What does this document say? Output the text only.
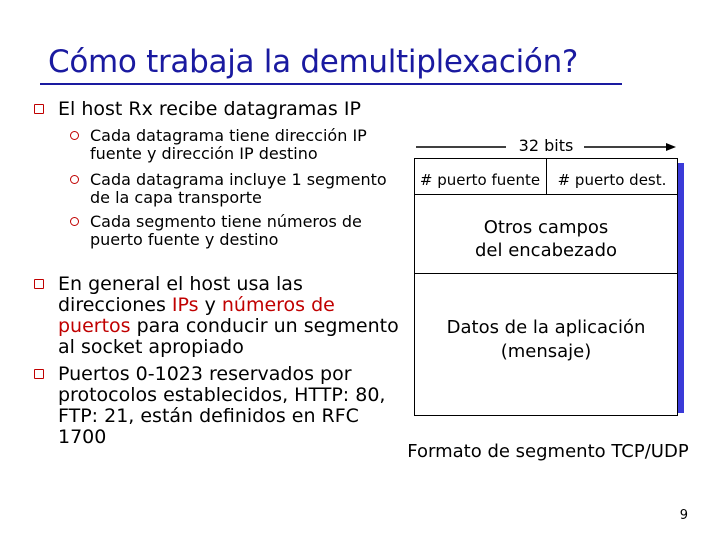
Cómo trabaja la demultiplexación?
El host Rx recibe datagramas IP
Cada datagrama tiene dirección IP
fuente y dirección IP destino
Cada datagrama incluye 1 segmento
de la capa transporte
Cada segmento tiene números de
puerto fuente y destino
En general el host usa las
direcciones IPs y números de
puertos para conducir un segmento
al socket apropiado
Puertos 0-1023 reservados por
protocolos establecidos, HTTP: 80,
FTP: 21, están definidos en RFC
1700
32 bits
# puerto fuente	# puerto dest.
Otros campos
del encabezado
Datos de la aplicación
(mensaje)
Formato de segmento TCP/UDP
9
